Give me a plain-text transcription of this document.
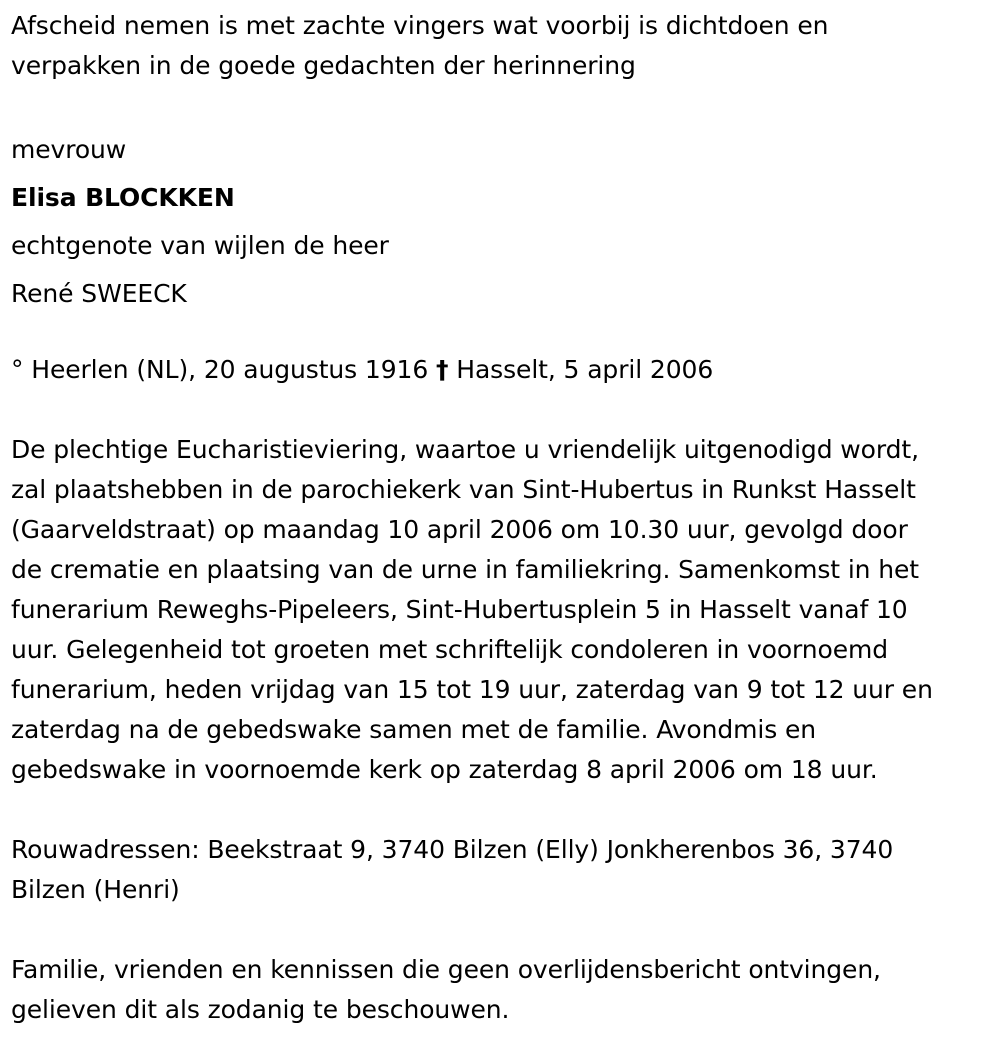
Afscheid nemen is met zachte vingers wat voorbij is dichtdoen en
verpakken in de goede gedachten der herinnering
mevrouw
Elisa BLOCKKEN
echtgenote van wijlen de heer
René SWEECK
° Heerlen (NL), 20 augustus 1916 † Hasselt, 5 april 2006
De plechtige Eucharistieviering, waartoe u vriendelijk uitgenodigd wordt,
zal plaatshebben in de parochiekerk van Sint-Hubertus in Runkst Hasselt
(Gaarveldstraat) op maandag 10 april 2006 om 10.30 uur, gevolgd door
de crematie en plaatsing van de urne in familiekring. Samenkomst in het
funerarium Reweghs-Pipeleers, Sint-Hubertusplein 5 in Hasselt vanaf 10
uur. Gelegenheid tot groeten met schriftelijk condoleren in voornoemd
funerarium, heden vrijdag van 15 tot 19 uur, zaterdag van 9 tot 12 uur en
zaterdag na de gebedswake samen met de familie. Avondmis en
gebedswake in voornoemde kerk op zaterdag 8 april 2006 om 18 uur.
Rouwadressen: Beekstraat 9, 3740 Bilzen (Elly) Jonkherenbos 36, 3740
Bilzen (Henri)
Familie, vrienden en kennissen die geen overlijdensbericht ontvingen,
gelieven dit als zodanig te beschouwen.
